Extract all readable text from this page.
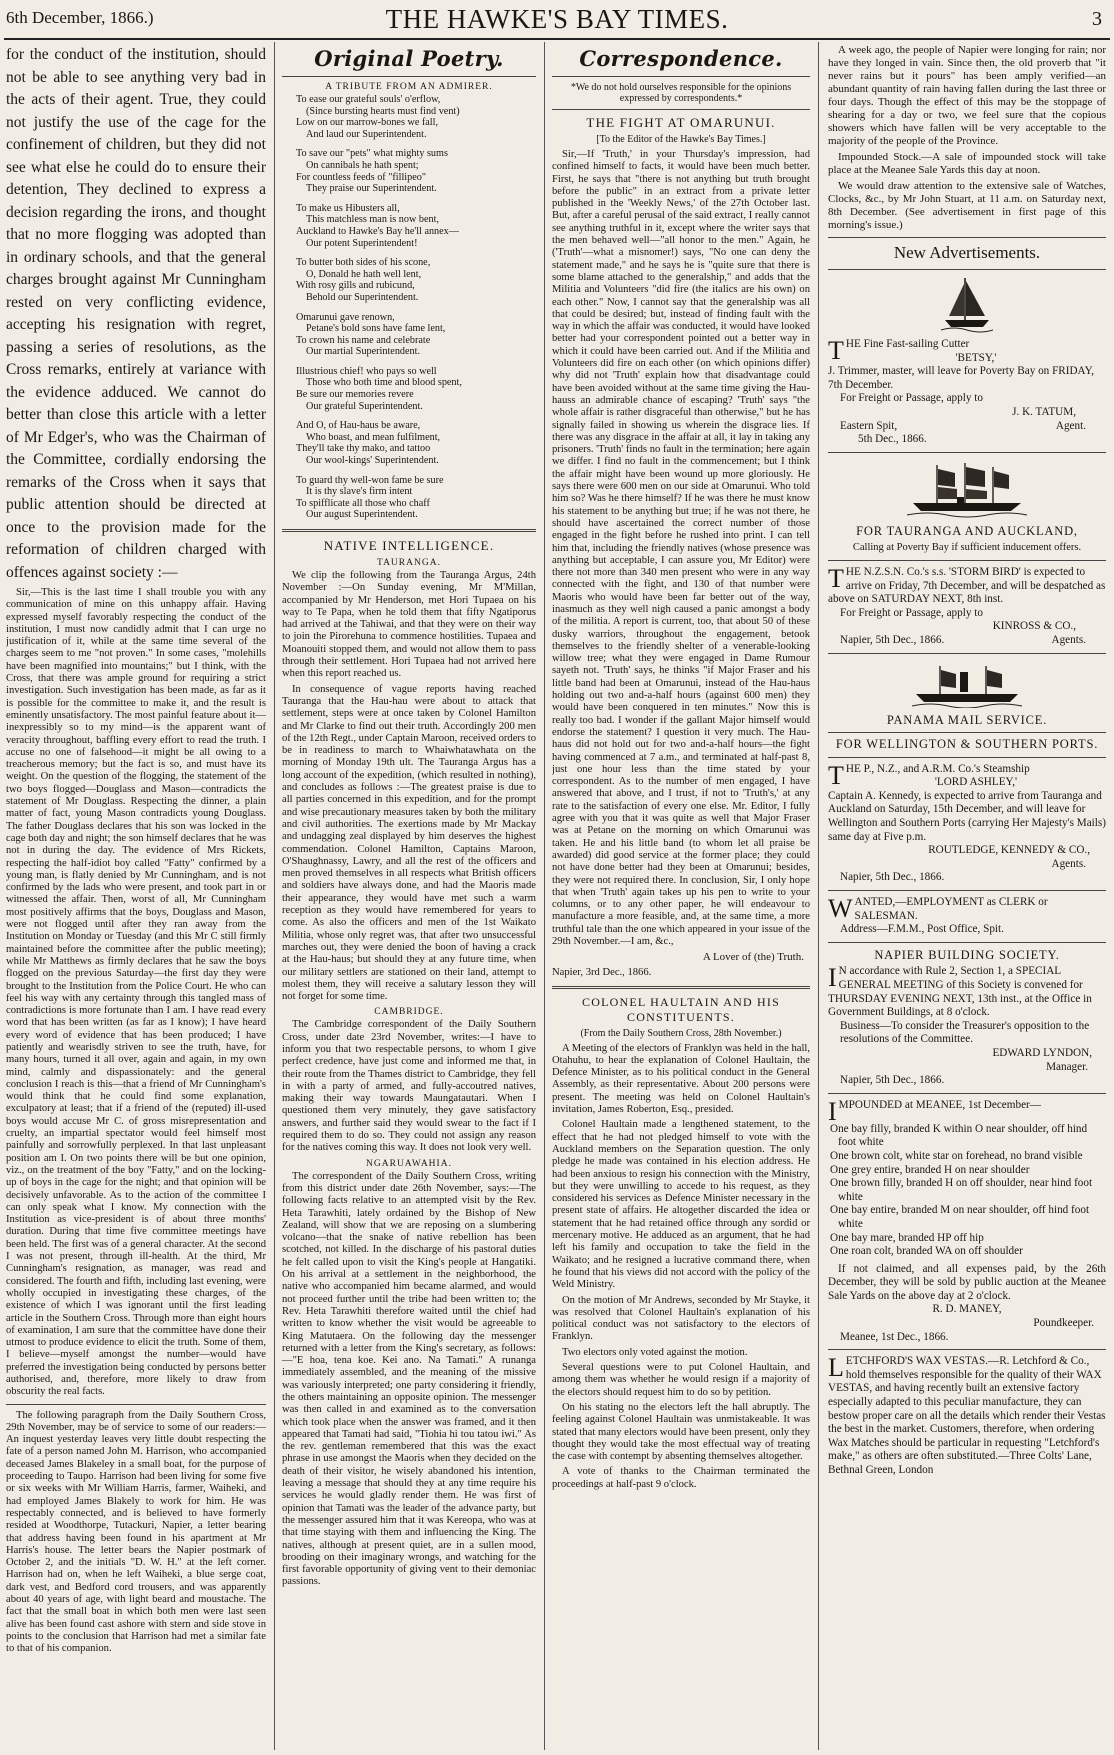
6th December, 1866.)	THE HAWKE'S BAY TIMES.	3

for the conduct of the institution, should not be able to see anything very bad in the acts of their agent. True, they could not justify the use of the cage for the confinement of children, but they did not see what else he could do to ensure their detention, They declined to express a decision regarding the irons, and thought that no more flogging was adopted than in ordinary schools, and that the general charges brought against Mr Cunningham rested on very conflicting evidence, accepting his resignation with regret, passing a series of resolutions, as the Cross remarks, entirely at variance with the evidence adduced. We cannot do better than close this article with a letter of Mr Edger's, who was the Chairman of the Committee, cordially endorsing the remarks of the Cross when it says that public attention should be directed at once to the provision made for the reformation of children charged with offences against society :—

Sir,—This is the last time I shall trouble you with any communication of mine on this unhappy affair. Having expressed myself favorably respecting the conduct of the institution, I must now candidly admit that I can urge no justification of it, while at the same time several of the charges seem to me "not proven." In some cases, "molehills have been magnified into mountains;" but I think, with the Cross, that there was ample ground for requiring a strict investigation. Such investigation has been made, as far as it is possible for the committee to make it, and the result is eminently unsatisfactory. The most painful feature about it—inexpressibly so to my mind—is the apparent want of veracity throughout, baffling every effort to read the truth. I accuse no one of falsehood—it might be all owing to a treacherous memory; but the fact is so, and must have its weight. On the question of the flogging, the statement of the two boys flogged—Douglass and Mason—contradicts the statement of Mr Douglass. Respecting the dinner, a plain matter of fact, young Mason contradicts young Douglass. The father Douglass declares that his son was locked in the cage both day and night; the son himself declares that he was not in during the day. The evidence of Mrs Rickets, respecting the half-idiot boy called "Fatty" confirmed by a young man, is flatly denied by Mr Cunningham, and is not confirmed by the lads who were present, and took part in or witnessed the affair. Then, worst of all, Mr Cunningham most positively affirms that the boys, Douglass and Mason, were not flogged until after they ran away from the Institution on Monday or Tuesday (and this Mr C still firmly maintained before the committee after the public meeting); while Mr Matthews as firmly declares that he saw the boys flogged on the previous Saturday—the first day they were brought to the Institution from the Police Court. He who can feel his way with any certainty through this tangled mass of contradictions is more fortunate than I am. I have read every word that has been written (as far as I know); I have heard every word of evidence that has been produced; I have patiently and wearisdly striven to see the truth, have, for many hours, turned it all over, again and again, in my own mind, calmly and dispassionately: and the general conclusion I reach is this—that a friend of Mr Cunningham's would think that he could find some explanation, exculpatory at least; that if a friend of the (reputed) ill-used boys would accuse Mr C. of gross misrepresentation and cruelty, an impartial spectator would feel himself most painfully and sorrowfully perplexed. In that last unpleasant position am I. On two points there will be but one opinion, viz., on the treatment of the boy "Fatty," and on the locking-up of boys in the cage for the night; and that opinion will be decisively unfavorable. As to the action of the committee I can only speak what I know. My connection with the Institution as vice-president is of about three months' duration. During that time five committee meetings have been held. The first was of a general character. At the second I was not present, through ill-health. At the third, Mr Cunningham's resignation, as manager, was read and considered. The fourth and fifth, including last evening, were wholly occupied in investigating these charges, of the existence of which I was ignorant until the first leading article in the Southern Cross. Through more than eight hours of examination, I am sure that the committee have done their utmost to produce evidence to elicit the truth. Some of them, I believe—myself amongst the number—would have preferred the investigation being conducted by persons better authorised, and, therefore, more likely to draw from obscurity the real facts.

The following paragraph from the Daily Southern Cross, 29th November, may be of service to some of our readers:—An inquest yesterday leaves very little doubt respecting the fate of a person named John M. Harrison, who accompanied deceased James Blakeley in a small boat, for the purpose of proceeding to Taupo. Harrison had been living for some five or six weeks with Mr William Harris, farmer, Waiheki, and had employed James Blakely to work for him. He was respectably connected, and is believed to have formerly resided at Woodthorpe, Tutackuri, Napier, a letter bearing that address having been found in his apartment at Mr Harris's house. The letter bears the Napier postmark of October 2, and the initials "D. W. H." at the left corner. Harrison had on, when he left Waiheki, a blue serge coat, dark vest, and Bedford cord trousers, and was apparently about 40 years of age, with light beard and moustache. The fact that the small boat in which both men were last seen alive has been found cast ashore with stern and side stove in points to the conclusion that Harrison had met a similar fate to that of his companion.

Original Poetry.
A TRIBUTE FROM AN ADMIRER.
To ease our grateful souls' o'erflow,
(Since bursting hearts must find vent)
Low on our marrow-bones we fall,
And laud our Superintendent.
To save our "pets" what mighty sums
On cannibals he hath spent;
For countless feeds of "fillipeo"
They praise our Superintendent.
To make us Hibusters all,
This matchless man is now bent,
Auckland to Hawke's Bay he'll annex—
Our potent Superintendent!
To butter both sides of his scone,
O, Donald he hath well lent,
With rosy gills and rubicund,
Behold our Superintendent.
Omarunui gave renown,
Petane's bold sons have fame lent,
To crown his name and celebrate
Our martial Superintendent.
Illustrious chief! who pays so well
Those who both time and blood spent,
Be sure our memories revere
Our grateful Superintendent.
And O, of Hau-haus be aware,
Who boast, and mean fulfilment,
They'll take thy mako, and tattoo
Our wool-kings' Superintendent.
To guard thy well-won fame be sure
It is thy slave's firm intent
To spifflicate all those who chaff
Our august Superintendent.
NATIVE INTELLIGENCE.
TAURANGA.

We clip the following from the Tauranga Argus, 24th November :—On Sunday evening, Mr M'Millan, accompanied by Mr Henderson, met Hori Tupaea on his way to Te Papa, when he told them that fifty Ngatiporus had arrived at the Tahiwai, and that they were on their way to join the Pirorehuna to commence hostilities. Tupaea and Moanouiti stopped them, and would not allow them to pass through their settlement. Hori Tupaea had not arrived here when this report reached us.

In consequence of vague reports having reached Tauranga that the Hau-hau were about to attack that settlement, steps were at once taken by Colonel Hamilton and Mr Clarke to find out their truth. Accordingly 200 men of the 12th Regt., under Captain Maroon, received orders to be in readiness to march to Whaiwhatawhata on the morning of Monday 19th ult. The Tauranga Argus has a long account of the expedition, (which resulted in nothing), and concludes as follows :—The greatest praise is due to all parties concerned in this expedition, and for the prompt and wise precautionary measures taken by both the military and civil authorities. The exertions made by Mr Mackay and undagging zeal displayed by him deserves the highest commendation. Colonel Hamilton, Captains Maroon, O'Shaughnassy, Lawry, and all the rest of the officers and men proved themselves in all respects what British officers and soldiers have always done, and had the Maoris made their appearance, they would have met such a warm reception as they would have remembered for years to come. As also the officers and men of the 1st Waikato Militia, whose only regret was, that after two unsuccessful marches out, they were denied the boon of having a crack at the Hau-haus; but should they at any future time, when our military settlers are stationed on their land, attempt to molest them, they will receive a salutary lesson they will not forget for some time.

CAMBRIDGE.

The Cambridge correspondent of the Daily Southern Cross, under date 23rd November, writes:—I have to inform you that two respectable persons, to whom I give perfect credence, have just come and informed me that, in their route from the Thames district to Cambridge, they fell in with a party of armed, and fully-accoutred natives, making their way towards Maungatautari. When I questioned them very minutely, they gave satisfactory answers, and further said they would swear to the fact if I required them to do so. They could not assign any reason for the natives coming this way. It does not look very well.

NGARUAWAHIA.

The correspondent of the Daily Southern Cross, writing from this district under date 26th November, says:—The following facts relative to an attempted visit by the Rev. Heta Tarawhiti, lately ordained by the Bishop of New Zealand, will show that we are reposing on a slumbering volcano—that the snake of native rebellion has been scotched, not killed. In the discharge of his pastoral duties he felt called upon to visit the King's people at Hangatiki. On his arrival at a settlement in the neighborhood, the native who accompanied him became alarmed, and would not proceed further until the tribe had been written to; the Rev. Heta Tarawhiti therefore waited until the chief had written to know whether the visit would be agreeable to King Matutaera. On the following day the messenger returned with a letter from the King's secretary, as follows:—"E hoa, tena koe. Kei ano. Na Tamati." A runanga immediately assembled, and the meaning of the missive was variously interpreted; one party considering it friendly, the others maintaining an opposite opinion. The messenger was then called in and examined as to the conversation which took place when the answer was framed, and it then appeared that Tamati had said, "Tiohia hi tou tatou iwi." As the rev. gentleman remembered that this was the exact phrase in use amongst the Maoris when they decided on the death of their visitor, he wisely abandoned his intention, leaving a message that should they at any time require his services he would gladly render them. He was first of opinion that Tamati was the leader of the advance party, but the messenger assured him that it was Kereopa, who was at that time staying with them and influencing the King. The natives, although at present quiet, are in a sullen mood, brooding on their imaginary wrongs, and watching for the first favorable opportunity of giving vent to their demoniac passions.

Correspondence.
*We do not hold ourselves responsible for the opinions expressed by correspondents.*
THE FIGHT AT OMARUNUI.
[To the Editor of the Hawke's Bay Times.]

Sir,—If 'Truth,' in your Thursday's impression, had confined himself to facts, it would have been much better. First, he says that "there is not anything but truth brought before the public" in an extract from a private letter published in the 'Weekly News,' of the 27th October last. But, after a careful perusal of the said extract, I really cannot see anything truthful in it, except where the writer says that the men behaved well—"all honor to the men." Again, he ('Truth'—what a misnomer!) says, "No one can deny the statement made," and he says he is "quite sure that there is some blame attached to the generalship," and adds that the Militia and Volunteers "did fire (the italics are his own) on each other." Now, I cannot say that the generalship was all that could be desired; but, instead of finding fault with the way in which the affair was conducted, it would have looked better had your correspondent pointed out a better way in which it could have been carried out. And if the Militia and Volunteers did fire on each other (on which opinions differ) why did not 'Truth' explain how that disadvantage could have been avoided without at the same time giving the Hau-hauss an admirable chance of escaping? 'Truth' says "the whole affair is rather disgraceful than otherwise," but he has signally failed in showing us wherein the disgrace lies. If there was any disgrace in the affair at all, it lay in taking any prisoners. 'Truth' finds no fault in the termination; here again we differ. I find no fault in the commencement; but I think the affair might have been wound up more gloriously. He says there were 600 men on our side at Omarunui. Who told him so? Was he there himself? If he was there he must know his statement to be anything but true; if he was not there, he should have ascertained the correct number of those engaged in the fight before he rushed into print. I can tell him that, including the friendly natives (whose presence was anything but acceptable, I can assure you, Mr Editor) were there not more than 340 men present who were in any way connected with the fight, and 130 of that number were Maoris who would have been far better out of the way, inasmuch as they well nigh caused a panic amongst a body of the militia. A report is current, too, that about 50 of these dusky warriors, throughout the engagement, betook themselves to the friendly shelter of a venerable-looking willow tree; what they were engaged in Dame Rumour sayeth not. 'Truth' says, he thinks "if Major Fraser and his little band had been at Omarunui, instead of the Hau-haus holding out two and-a-half hours (against 600 men) they would have been conquered in ten minutes." Now this is really too bad. I wonder if the gallant Major himself would endorse the statement? I question it very much. The Hau-haus did not hold out for two and-a-half hours—the fight having commenced at 7 a.m., and terminated at half-past 8, just one hour less than the time stated by your correspondent. As to the number of men engaged, I have answered that above, and I trust, if not to 'Truth's,' at any rate to the satisfaction of every one else. Mr. Editor, I fully agree with you that it was quite as well that Major Fraser was at Petane on the morning on which Omarunui was taken. He and his little band (to whom let all praise be awarded) did good service at the former place; they could not have done better had they been at Omarunui; besides, they were not required there. In conclusion, Sir, I only hope that when 'Truth' again takes up his pen to write to your columns, or to any other paper, he will endeavour to manufacture a more feasible, and, at the same time, a more truthful tale than the one which appeared in your issue of the 29th November.—I am, &c.,

A Lover of (the) Truth.

Napier, 3rd Dec., 1866.

COLONEL HAULTAIN AND HIS CONSTITUENTS.
(From the Daily Southern Cross, 28th November.)

A Meeting of the electors of Franklyn was held in the hall, Otahuhu, to hear the explanation of Colonel Haultain, the Defence Minister, as to his political conduct in the General Assembly, as their representative. About 200 persons were present. The meeting was held on Colonel Haultain's invitation, James Roberton, Esq., presided.

Colonel Haultain made a lengthened statement, to the effect that he had not pledged himself to vote with the Auckland members on the Separation question. The only pledge he made was contained in his election address. He had been anxious to resign his connection with the Ministry, but they were unwilling to accede to his request, as they considered his services as Defence Minister necessary in the present state of affairs. He altogether discarded the idea or statement that he had retained office through any sordid or mercenary motive. He adduced as an argument, that he had left his family and occupation to take the field in the Waikato; and he resigned a lucrative command there, when he found that his views did not accord with the policy of the Weld Ministry.

On the motion of Mr Andrews, seconded by Mr Stayke, it was resolved that Colonel Haultain's explanation of his political conduct was not satisfactory to the electors of Franklyn.

Two electors only voted against the motion.

Several questions were to put Colonel Haultain, and among them was whether he would resign if a majority of the electors should request him to do so by petition.

On his stating no the electors left the hall abruptly. The feeling against Colonel Haultain was unmistakeable. It was stated that many electors would have been present, only they thought they would take the most effectual way of treating the case with contempt by absenting themselves altogether.

A vote of thanks to the Chairman terminated the proceedings at half-past 9 o'clock.

A week ago, the people of Napier were longing for rain; nor have they longed in vain. Since then, the old proverb that "it never rains but it pours" has been amply verified—an abundant quantity of rain having fallen during the last three or four days. Though the effect of this may be the stoppage of shearing for a day or two, we feel sure that the copious showers which have fallen will be very acceptable to the majority of the people of the Province.

Impounded Stock.—A sale of impounded stock will take place at the Meanee Sale Yards this day at noon.

We would draw attention to the extensive sale of Watches, Clocks, &c., by Mr John Stuart, at 11 a.m. on Saturday next, 8th December. (See advertisement in first page of this morning's issue.)

New Advertisements.
THE Fine Fast-sailing Cutter
'BETSY,'
J. Trimmer, master, will leave for Poverty Bay on FRIDAY, 7th December.
For Freight or Passage, apply to
J. K. TATUM,
Eastern Spit,	Agent.
5th Dec., 1866.
FOR TAURANGA AND AUCKLAND,
Calling at Poverty Bay if sufficient inducement offers.
T HE N.Z.S.N. Co.'s s.s. 'STORM BIRD' is expected to arrive on Friday, 7th December, and will be despatched as above on SATURDAY NEXT, 8th inst.
For Freight or Passage, apply to
KINROSS & CO.,
Napier, 5th Dec., 1866.	Agents.
PANAMA MAIL SERVICE.
FOR WELLINGTON & SOUTHERN PORTS.
T HE P., N.Z., and A.R.M. Co.'s Steamship
'LORD ASHLEY,'
Captain A. Kennedy, is expected to arrive from Tauranga and Auckland on Saturday, 15th December, and will leave for Wellington and Southern Ports (carrying Her Majesty's Mails) same day at Five p.m.
ROUTLEDGE, KENNEDY & CO.,
Agents.
Napier, 5th Dec., 1866.
WANTED,—EMPLOYMENT as CLERK or SALESMAN.
Address—F.M.M., Post Office, Spit.
NAPIER BUILDING SOCIETY.
I N accordance with Rule 2, Section 1, a SPECIAL GENERAL MEETING of this Society is convened for THURSDAY EVENING NEXT, 13th inst., at the Office in Government Buildings, at 8 o'clock.
Business—To consider the Treasurer's opposition to the resolutions of the Committee.
EDWARD LYNDON,
Manager.
Napier, 5th Dec., 1866.
IMPOUNDED at MEANEE, 1st December—
One bay filly, branded K within O near shoulder, off hind foot white
One brown colt, white star on forehead, no brand visible
One grey entire, branded H on near shoulder
One brown filly, branded H on off shoulder, near hind foot white
One bay entire, branded M on near shoulder, off hind foot white
One bay mare, branded HP off hip
One roan colt, branded WA on off shoulder
If not claimed, and all expenses paid, by the 26th December, they will be sold by public auction at the Meanee Sale Yards on the above day at 2 o'clock.
R. D. MANEY,
Poundkeeper.
Meanee, 1st Dec., 1866.
LETCHFORD'S WAX VESTAS.—R. Letchford & Co., hold themselves responsible for the quality of their WAX VESTAS, and having recently built an extensive factory especially adapted to this peculiar manufacture, they can bestow proper care on all the details which render their Vestas the best in the market. Customers, therefore, when ordering Wax Matches should be particular in requesting "Letchford's make," as others are often substituted.—Three Colts' Lane, Bethnal Green, London
